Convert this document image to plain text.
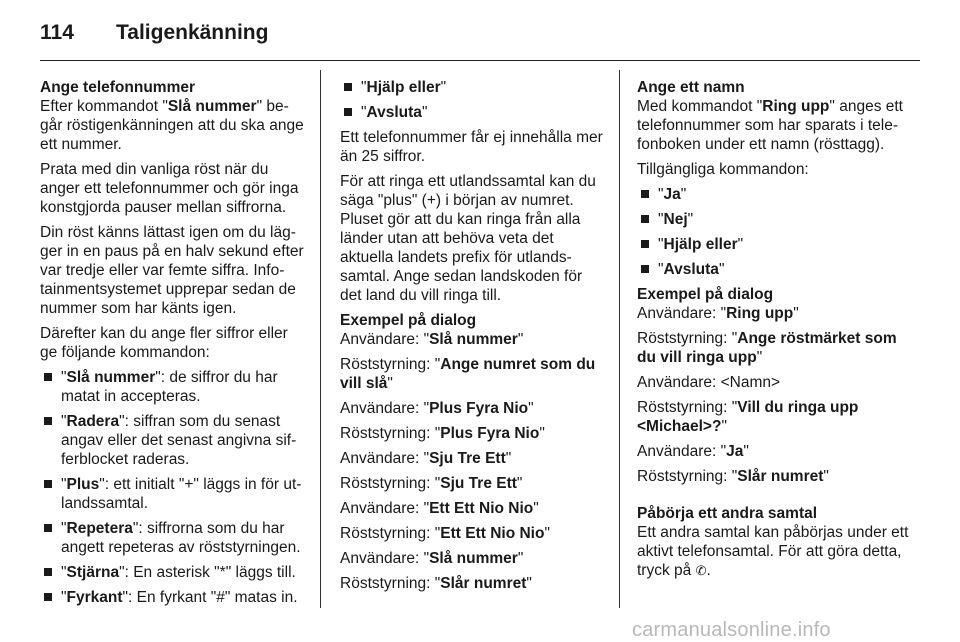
114	Taligenkänning

Ange telefonnummer

Efter kommandot "Slå nummer" begår röstigenkänningen att du ska ange ett nummer.

Prata med din vanliga röst när du anger ett telefonnummer och gör inga konstgjorda pauser mellan siffrorna.

Din röst känns lättast igen om du lägger in en paus på en halv sekund efter var tredje eller var femte siffra. Infotainmentsystemet upprepar sedan de nummer som har känts igen.

Därefter kan du ange fler siffror eller ge följande kommandon:

"Slå nummer": de siffror du har matat in accepteras.
"Radera": siffran som du senast angav eller det senast angivna sifferblocket raderas.
"Plus": ett initialt "+" läggs in för utlandssamtal.
"Repetera": siffrorna som du har angett repeteras av röststyrningen.
"Stjärna": En asterisk "*" läggs till.
"Fyrkant": En fyrkant "#" matas in.
"Hjälp eller"
"Avsluta"

Ett telefonnummer får ej innehålla mer än 25 siffror.

För att ringa ett utlandssamtal kan du säga "plus" (+) i början av numret. Pluset gör att du kan ringa från alla länder utan att behöva veta det aktuella landets prefix för utlandssamtal. Ange sedan landskoden för det land du vill ringa till.

Exempel på dialog

Användare: "Slå nummer"

Röststyrning: "Ange numret som du vill slå"

Användare: "Plus Fyra Nio"

Röststyrning: "Plus Fyra Nio"

Användare: "Sju Tre Ett"

Röststyrning: "Sju Tre Ett"

Användare: "Ett Ett Nio Nio"

Röststyrning: "Ett Ett Nio Nio"

Användare: "Slå nummer"

Röststyrning: "Slår numret"

Ange ett namn

Med kommandot "Ring upp" anges ett telefonnummer som har sparats i telefonboken under ett namn (rösttagg).

Tillgängliga kommandon:

"Ja"
"Nej"
"Hjälp eller"
"Avsluta"

Exempel på dialog

Användare: "Ring upp"

Röststyrning: "Ange röstmärket som du vill ringa upp"

Användare: <Namn>

Röststyrning: "Vill du ringa upp <Michael>?"

Användare: "Ja"

Röststyrning: "Slår numret"

Påbörja ett andra samtal

Ett andra samtal kan påbörjas under ett aktivt telefonsamtal. För att göra detta, tryck på ✆.

carmanualsonline.info
